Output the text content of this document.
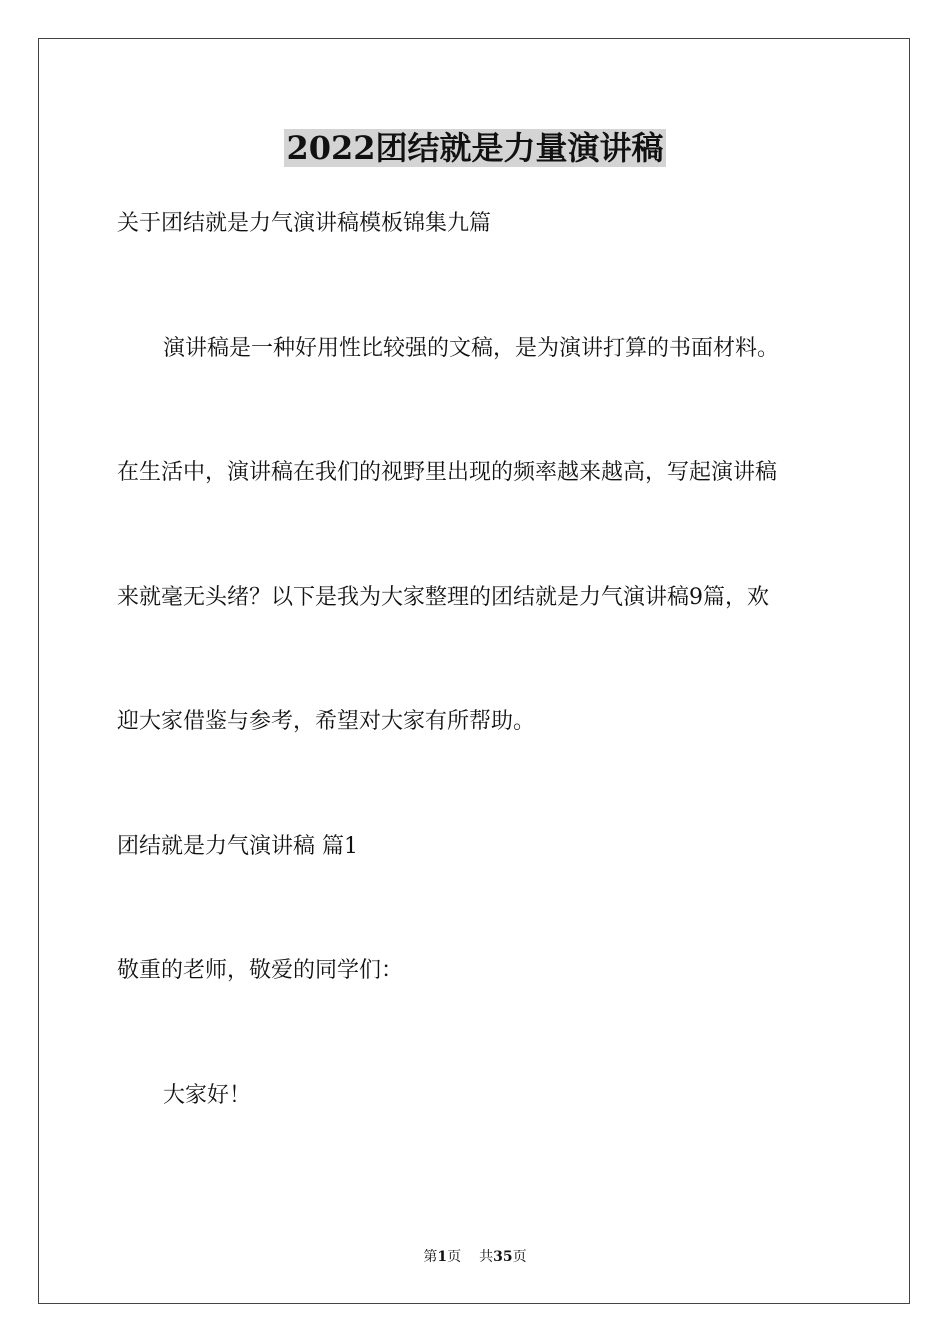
2022团结就是力量演讲稿
关于团结就是力气演讲稿模板锦集九篇
演讲稿是一种好用性比较强的文稿，是为演讲打算的书面材料。
在生活中，演讲稿在我们的视野里出现的频率越来越高，写起演讲稿
来就毫无头绪？以下是我为大家整理的团结就是力气演讲稿9篇，欢
迎大家借鉴与参考，希望对大家有所帮助。
团结就是力气演讲稿 篇1
敬重的老师，敬爱的同学们：
大家好！
第1页 共35页
